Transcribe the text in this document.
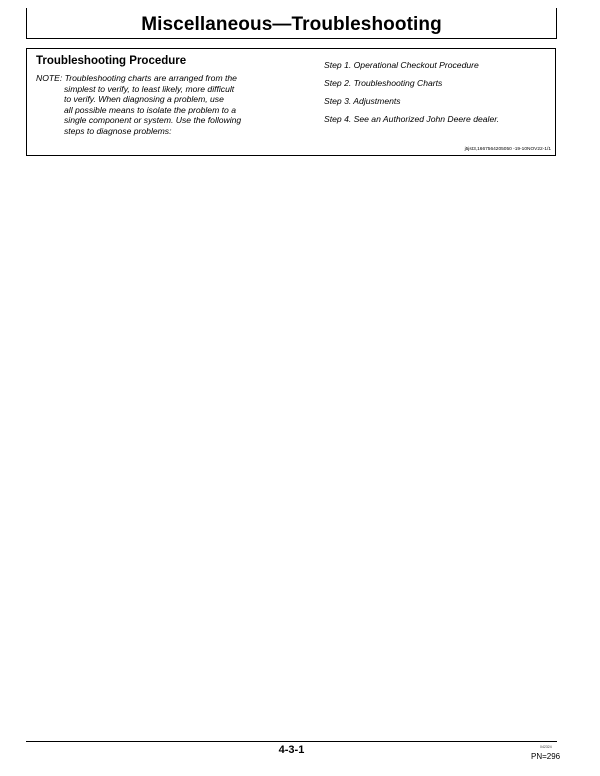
Miscellaneous—Troubleshooting
Troubleshooting Procedure
NOTE: Troubleshooting charts are arranged from the
simplest to verify, to least likely, more difficult
to verify. When diagnosing a problem, use
all possible means to isolate the problem to a
single component or system. Use the following
steps to diagnose problems:
Step 1. Operational Checkout Procedure
Step 2. Troubleshooting Charts
Step 3. Adjustments
Step 4. See an Authorized John Deere dealer.
j5jst3,1667564205050 -19-10NOV22-1/1
4-3-1	042324
PN=296
